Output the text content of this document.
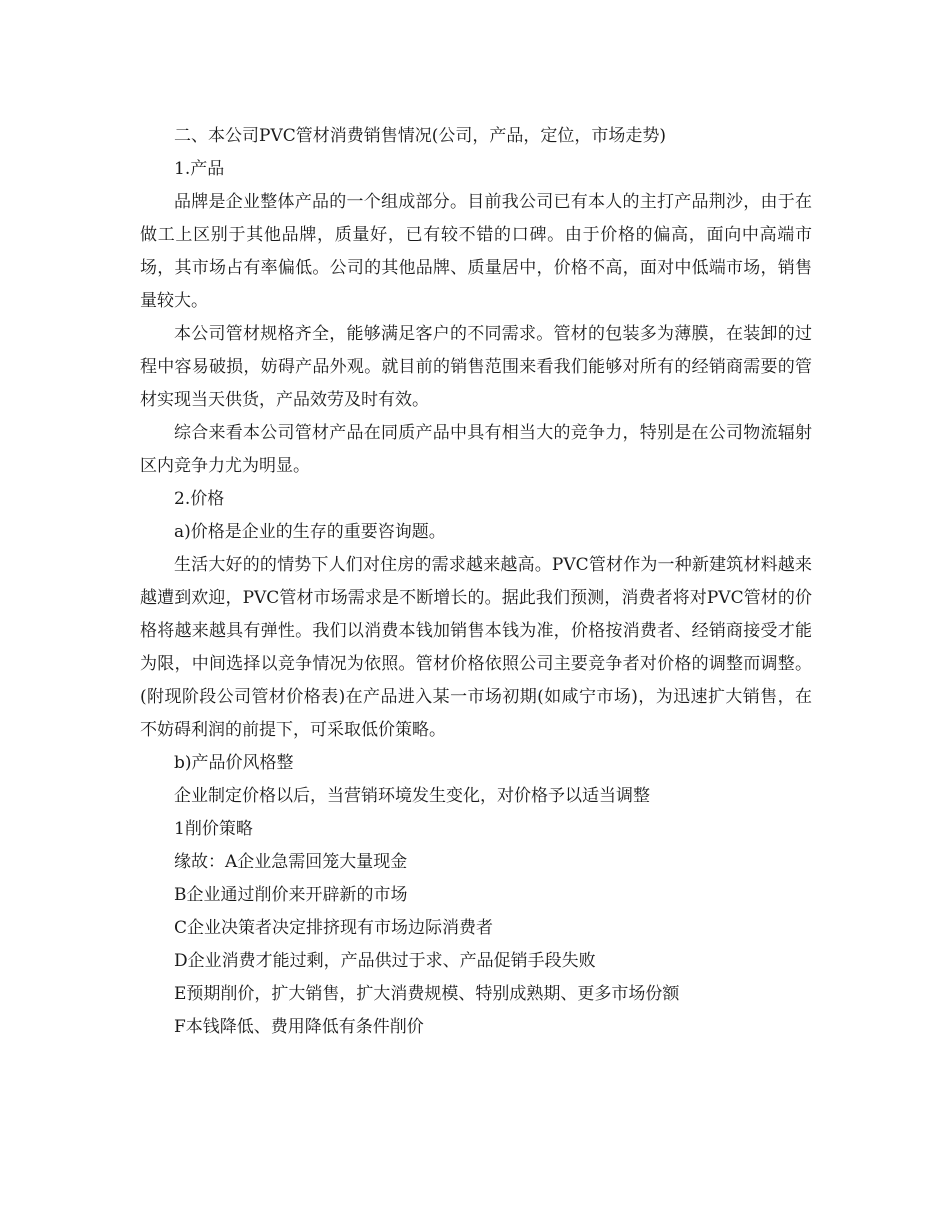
二、本公司PVC管材消费销售情况(公司，产品，定位，市场走势)

1.产品

品牌是企业整体产品的一个组成部分。目前我公司已有本人的主打产品荆沙，由于在做工上区别于其他品牌，质量好，已有较不错的口碑。由于价格的偏高，面向中高端市场，其市场占有率偏低。公司的其他品牌、质量居中，价格不高，面对中低端市场，销售量较大。

本公司管材规格齐全，能够满足客户的不同需求。管材的包装多为薄膜，在装卸的过程中容易破损，妨碍产品外观。就目前的销售范围来看我们能够对所有的经销商需要的管材实现当天供货，产品效劳及时有效。

综合来看本公司管材产品在同质产品中具有相当大的竞争力，特别是在公司物流辐射区内竞争力尤为明显。

2.价格

a)价格是企业的生存的重要咨询题。

生活大好的的情势下人们对住房的需求越来越高。PVC管材作为一种新建筑材料越来越遭到欢迎，PVC管材市场需求是不断增长的。据此我们预测，消费者将对PVC管材的价格将越来越具有弹性。我们以消费本钱加销售本钱为准，价格按消费者、经销商接受才能为限，中间选择以竞争情况为依照。管材价格依照公司主要竞争者对价格的调整而调整。(附现阶段公司管材价格表)在产品进入某一市场初期(如咸宁市场)，为迅速扩大销售，在不妨碍利润的前提下，可采取低价策略。

b)产品价风格整

企业制定价格以后，当营销环境发生变化，对价格予以适当调整

1削价策略

缘故：A企业急需回笼大量现金

B企业通过削价来开辟新的市场

C企业决策者决定排挤现有市场边际消费者

D企业消费才能过剩，产品供过于求、产品促销手段失败

E预期削价，扩大销售，扩大消费规模、特别成熟期、更多市场份额

F本钱降低、费用降低有条件削价
